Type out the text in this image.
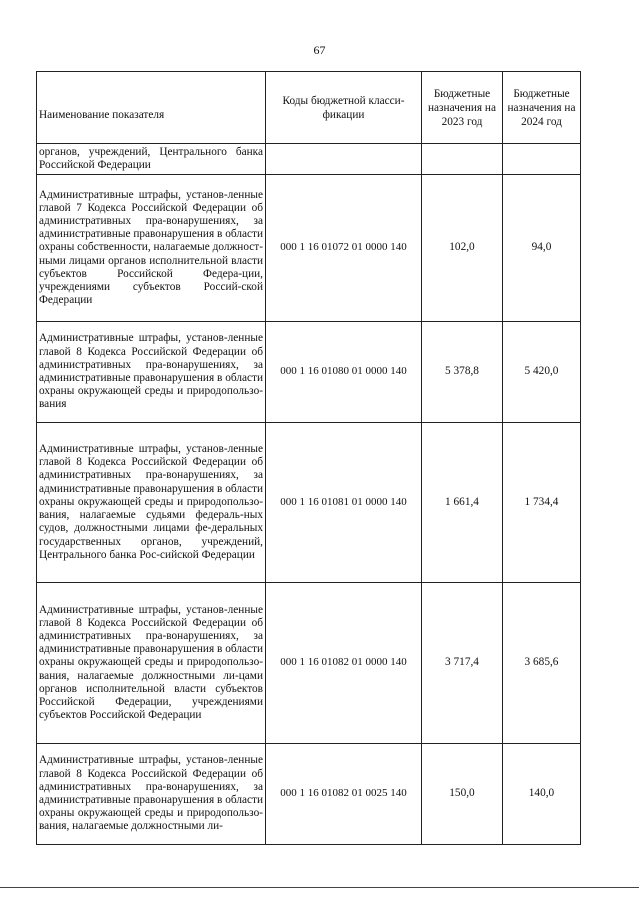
67
Наименование показателя	Коды бюджетной класси-фикации	Бюджетные назначения на 2023 год	Бюджетные назначения на 2024 год
органов, учреждений, Центрального банка Российской Федерации			
Административные штрафы, установ-ленные главой 7 Кодекса Российской Федерации об административных пра-вонарушениях, за административные правонарушения в области охраны собственности, налагаемые должност-ными лицами органов исполнительной власти субъектов Российской Федера-ции, учреждениями субъектов Россий-ской Федерации	000 1 16 01072 01 0000 140	102,0	94,0
Административные штрафы, установ-ленные главой 8 Кодекса Российской Федерации об административных пра-вонарушениях, за административные правонарушения в области охраны окружающей среды и природопользо-вания	000 1 16 01080 01 0000 140	5 378,8	5 420,0
Административные штрафы, установ-ленные главой 8 Кодекса Российской Федерации об административных пра-вонарушениях, за административные правонарушения в области охраны окружающей среды и природопользо-вания, налагаемые судьями федераль-ных судов, должностными лицами фе-деральных государственных органов, учреждений, Центрального банка Рос-сийской Федерации	000 1 16 01081 01 0000 140	1 661,4	1 734,4
Административные штрафы, установ-ленные главой 8 Кодекса Российской Федерации об административных пра-вонарушениях, за административные правонарушения в области охраны окружающей среды и природопользо-вания, налагаемые должностными ли-цами органов исполнительной власти субъектов Российской Федерации, учреждениями субъектов Российской Федерации	000 1 16 01082 01 0000 140	3 717,4	3 685,6
Административные штрафы, установ-ленные главой 8 Кодекса Российской Федерации об административных пра-вонарушениях, за административные правонарушения в области охраны окружающей среды и природопользо-вания, налагаемые должностными ли-	000 1 16 01082 01 0025 140	150,0	140,0
